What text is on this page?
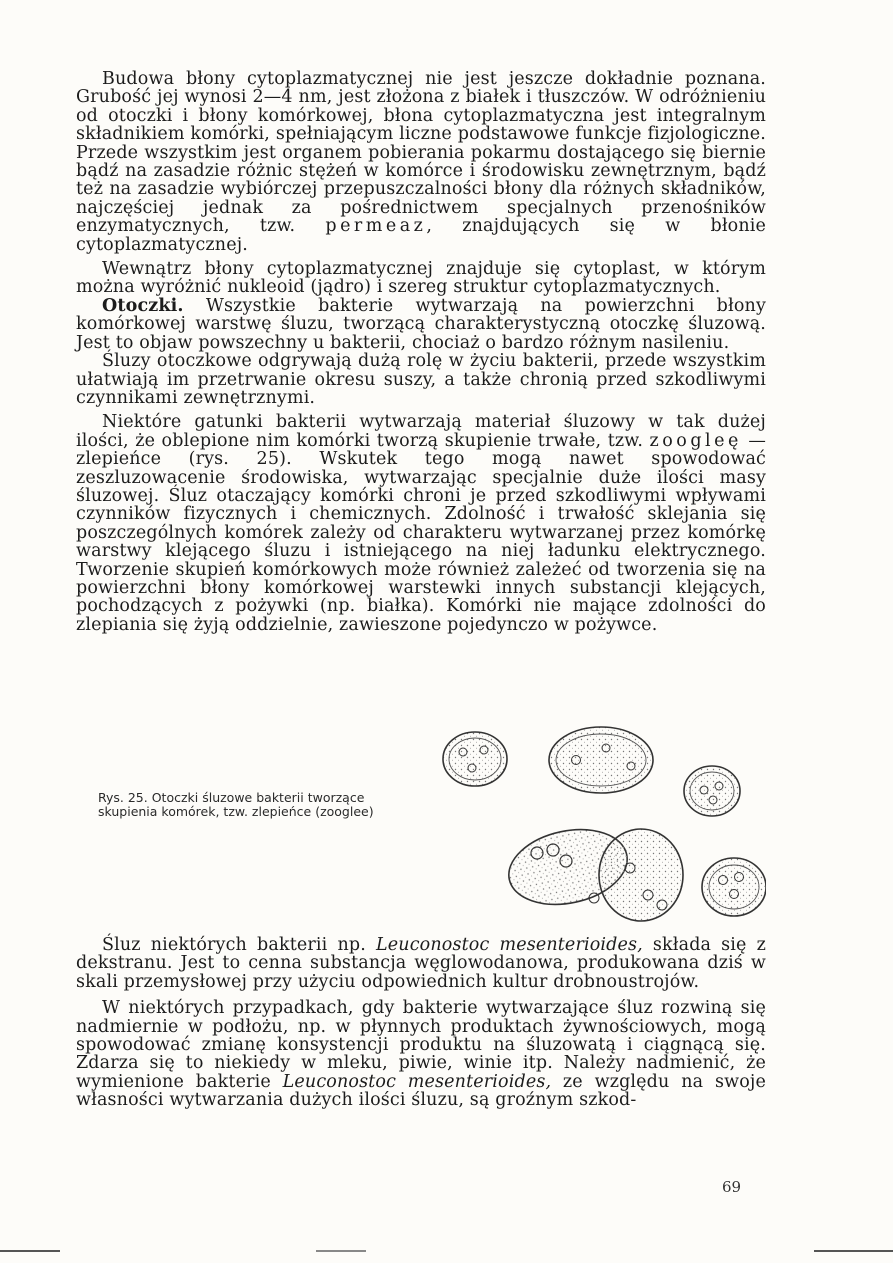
Budowa błony cytoplazmatycznej nie jest jeszcze dokładnie poznana. Grubość jej wynosi 2—4 nm, jest złożona z białek i tłuszczów. W odróżnieniu od otoczki i błony komórkowej, błona cytoplazmatyczna jest integralnym składnikiem komórki, spełniającym liczne podstawowe funkcje fizjologiczne. Przede wszystkim jest organem pobierania pokarmu dostającego się biernie bądź na zasadzie różnic stężeń w komórce i środowisku zewnętrznym, bądź też na zasadzie wybiórczej przepuszczalności błony dla różnych składników, najczęściej jednak za pośrednictwem specjalnych przenośników enzymatycznych, tzw. permeaz, znajdujących się w błonie cytoplazmatycznej.

Wewnątrz błony cytoplazmatycznej znajduje się cytoplast, w którym można wyróżnić nukleoid (jądro) i szereg struktur cytoplazmatycznych.

Otoczki. Wszystkie bakterie wytwarzają na powierzchni błony komórkowej warstwę śluzu, tworzącą charakterystyczną otoczkę śluzową. Jest to objaw powszechny u bakterii, chociaż o bardzo różnym nasileniu.

Śluzy otoczkowe odgrywają dużą rolę w życiu bakterii, przede wszystkim ułatwiają im przetrwanie okresu suszy, a także chronią przed szkodliwymi czynnikami zewnętrznymi.

Niektóre gatunki bakterii wytwarzają materiał śluzowy w tak dużej ilości, że oblepione nim komórki tworzą skupienie trwałe, tzw. zoogleę — zlepieńce (rys. 25). Wskutek tego mogą nawet spowodować zeszluzowacenie środowiska, wytwarzając specjalnie duże ilości masy śluzowej. Śluz otaczający komórki chroni je przed szkodliwymi wpływami czynników fizycznych i chemicznych. Zdolność i trwałość sklejania się poszczególnych komórek zależy od charakteru wytwarzanej przez komórkę warstwy klejącego śluzu i istniejącego na niej ładunku elektrycznego. Tworzenie skupień komórkowych może również zależeć od tworzenia się na powierzchni błony komórkowej warstewki innych substancji klejących, pochodzących z pożywki (np. białka). Komórki nie mające zdolności do zlepiania się żyją oddzielnie, zawieszone pojedynczo w pożywce.

Rys. 25. Otoczki śluzowe bakterii tworzące skupienia komórek, tzw. zlepieńce (zooglee)

Śluz niektórych bakterii np. Leuconostoc mesenterioides, składa się z dekstranu. Jest to cenna substancja węglowodanowa, produkowana dziś w skali przemysłowej przy użyciu odpowiednich kultur drobnoustrojów.

W niektórych przypadkach, gdy bakterie wytwarzające śluz rozwiną się nadmiernie w podłożu, np. w płynnych produktach żywnościowych, mogą spowodować zmianę konsystencji produktu na śluzowatą i ciągnącą się. Zdarza się to niekiedy w mleku, piwie, winie itp. Należy nadmienić, że wymienione bakterie Leuconostoc mesenterioides, ze względu na swoje własności wytwarzania dużych ilości śluzu, są groźnym szkod-

69
